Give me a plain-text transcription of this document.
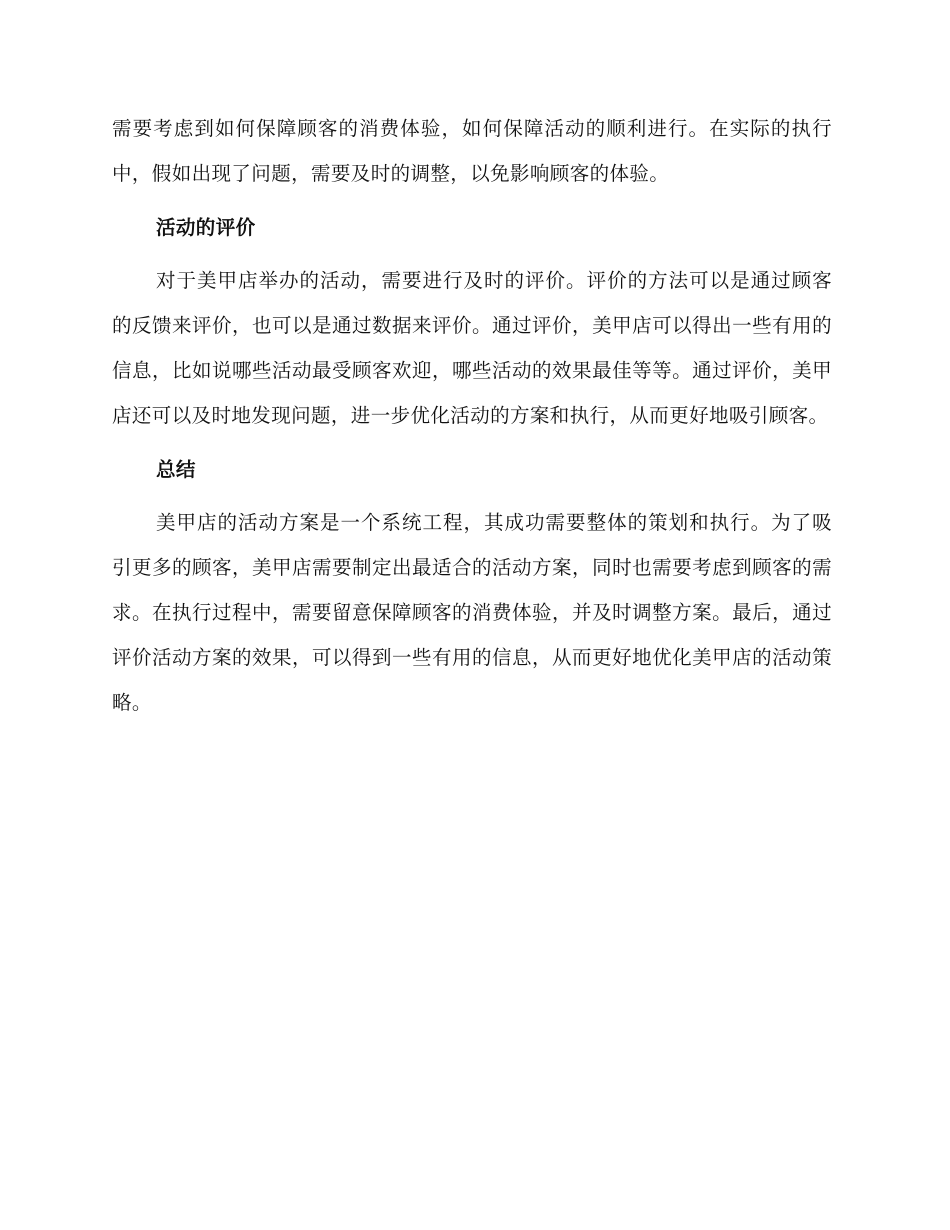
需要考虑到如何保障顾客的消费体验，如何保障活动的顺利进行。在实际的执行中，假如出现了问题，需要及时的调整，以免影响顾客的体验。

活动的评价

对于美甲店举办的活动，需要进行及时的评价。评价的方法可以是通过顾客的反馈来评价，也可以是通过数据来评价。通过评价，美甲店可以得出一些有用的信息，比如说哪些活动最受顾客欢迎，哪些活动的效果最佳等等。通过评价，美甲店还可以及时地发现问题，进一步优化活动的方案和执行，从而更好地吸引顾客。

总结

美甲店的活动方案是一个系统工程，其成功需要整体的策划和执行。为了吸引更多的顾客，美甲店需要制定出最适合的活动方案，同时也需要考虑到顾客的需求。在执行过程中，需要留意保障顾客的消费体验，并及时调整方案。最后，通过评价活动方案的效果，可以得到一些有用的信息，从而更好地优化美甲店的活动策略。
